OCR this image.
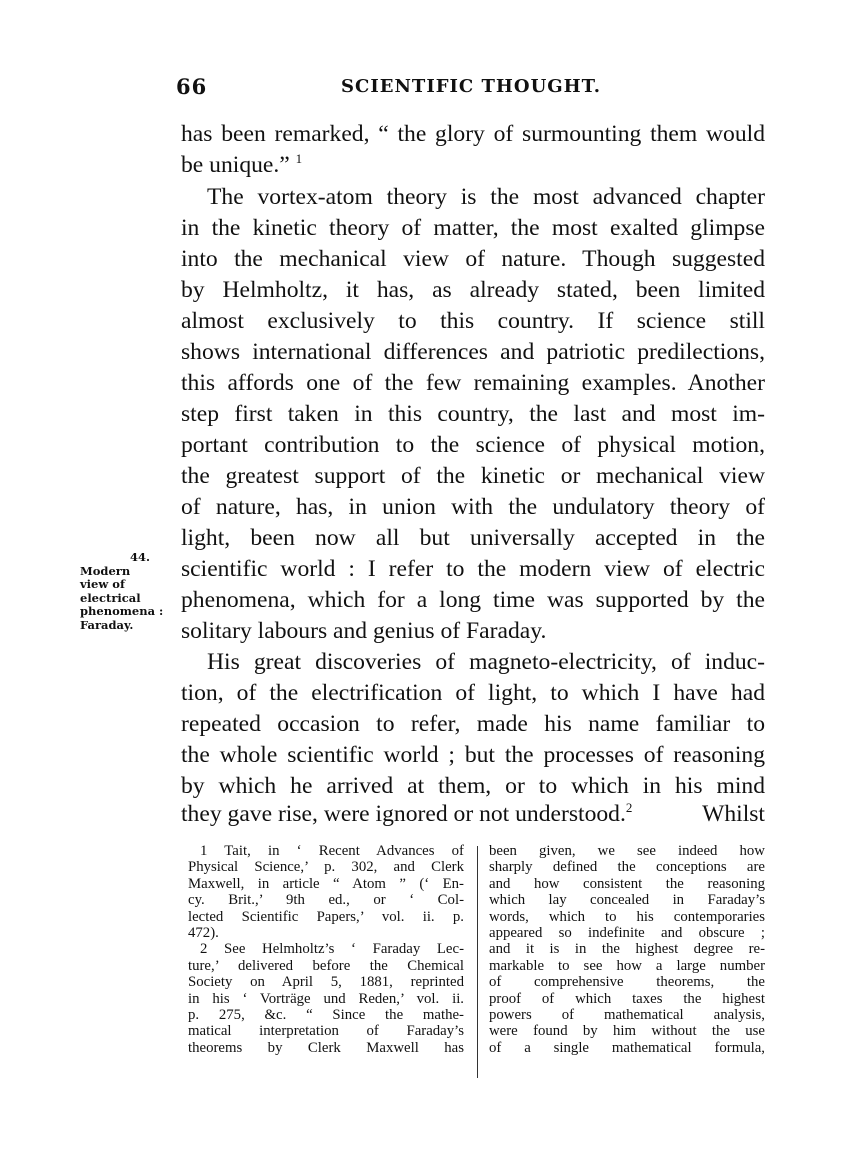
66	SCIENTIFIC THOUGHT.
has been remarked, “ the glory of surmounting them would
be unique.” $^1$
The vortex-atom theory is the most advanced chapter
in the kinetic theory of matter, the most exalted glimpse
into the mechanical view of nature. Though suggested
by Helmholtz, it has, as already stated, been limited
almost exclusively to this country. If science still
shows international differences and patriotic predilections,
this affords one of the few remaining examples. Another
step first taken in this country, the last and most im-
portant contribution to the science of physical motion,
the greatest support of the kinetic or mechanical view
of nature, has, in union with the undulatory theory of
light, been now all but universally accepted in the
scientific world : I refer to the modern view of electric
phenomena, which for a long time was supported by the
solitary labours and genius of Faraday.
His great discoveries of magneto-electricity, of induc-
tion, of the electrification of light, to which I have had
repeated occasion to refer, made his name familiar to
the whole scientific world ; but the processes of reasoning
by which he arrived at them, or to which in his mind
they gave rise, were ignored or not understood.$^2$	Whilst
44.
Modern
view of
electrical
phenomena :
Faraday.
1 Tait, in ‘ Recent Advances of
Physical Science,’ p. 302, and Clerk
Maxwell, in article “ Atom ” (‘ En-
cy. Brit.,’ 9th ed., or ‘ Col-
lected Scientific Papers,’ vol. ii. p.
472).
2 See Helmholtz’s ‘ Faraday Lec-
ture,’ delivered before the Chemical
Society on April 5, 1881, reprinted
in his ‘ Vorträge und Reden,’ vol. ii.
p. 275, &c. “ Since the mathe-
matical interpretation of Faraday’s
theorems by Clerk Maxwell has
been given, we see indeed how
sharply defined the conceptions are
and how consistent the reasoning
which lay concealed in Faraday’s
words, which to his contemporaries
appeared so indefinite and obscure ;
and it is in the highest degree re-
markable to see how a large number
of comprehensive theorems, the
proof of which taxes the highest
powers of mathematical analysis,
were found by him without the use
of a single mathematical formula,
